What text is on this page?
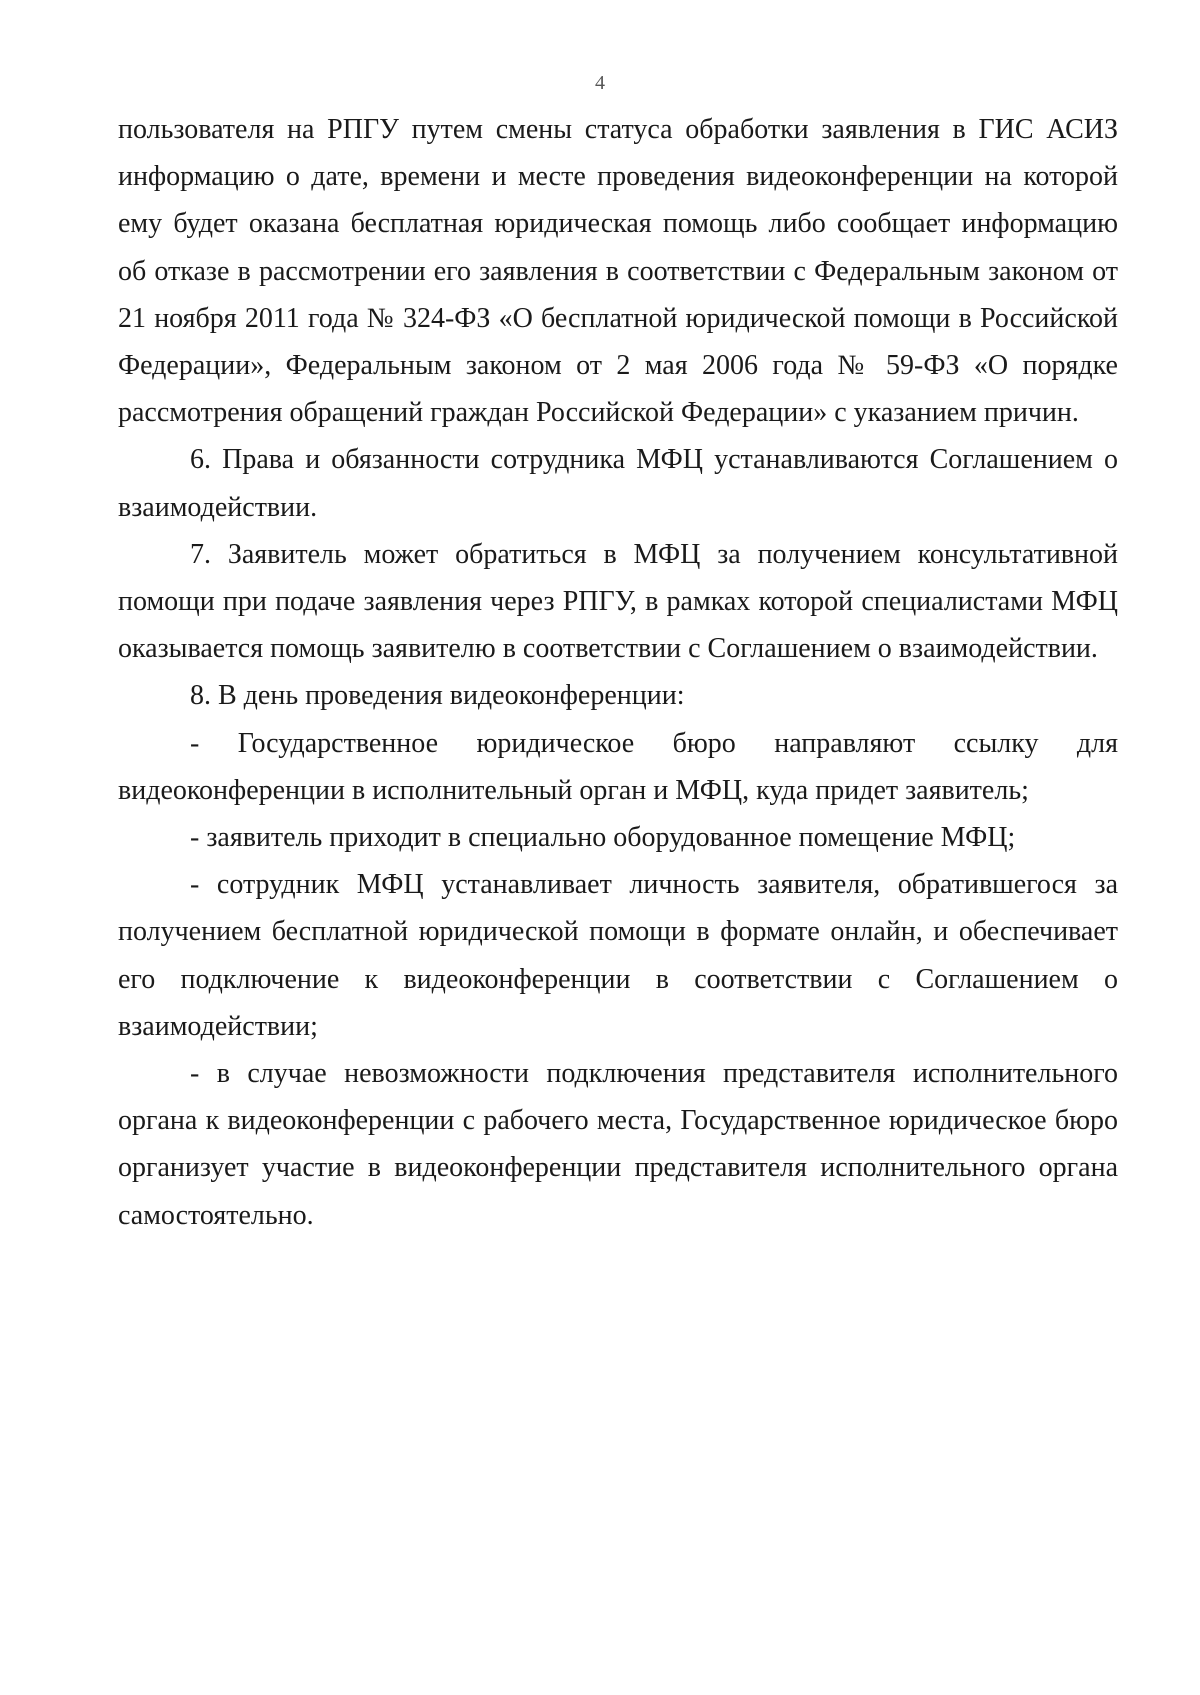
4

пользователя на РПГУ путем смены статуса обработки заявления в ГИС АСИЗ информацию о дате, времени и месте проведения видеоконференции на которой ему будет оказана бесплатная юридическая помощь либо сообщает информацию об отказе в рассмотрении его заявления в соответствии с Федеральным законом от 21 ноября 2011 года № 324-ФЗ «О бесплатной юридической помощи в Российской Федерации», Федеральным законом от 2 мая 2006 года № 59-ФЗ «О порядке рассмотрения обращений граждан Российской Федерации» с указанием причин.

6. Права и обязанности сотрудника МФЦ устанавливаются Соглашением о взаимодействии.

7. Заявитель может обратиться в МФЦ за получением консультативной помощи при подаче заявления через РПГУ, в рамках которой специалистами МФЦ оказывается помощь заявителю в соответствии с Соглашением о взаимодействии.

8. В день проведения видеоконференции:

- Государственное юридическое бюро направляют ссылку для видеоконференции в исполнительный орган и МФЦ, куда придет заявитель;

- заявитель приходит в специально оборудованное помещение МФЦ;

- сотрудник МФЦ устанавливает личность заявителя, обратившегося за получением бесплатной юридической помощи в формате онлайн, и обеспечивает его подключение к видеоконференции в соответствии с Соглашением о взаимодействии;

- в случае невозможности подключения представителя исполнительного органа к видеоконференции с рабочего места, Государственное юридическое бюро организует участие в видеоконференции представителя исполнительного органа самостоятельно.
